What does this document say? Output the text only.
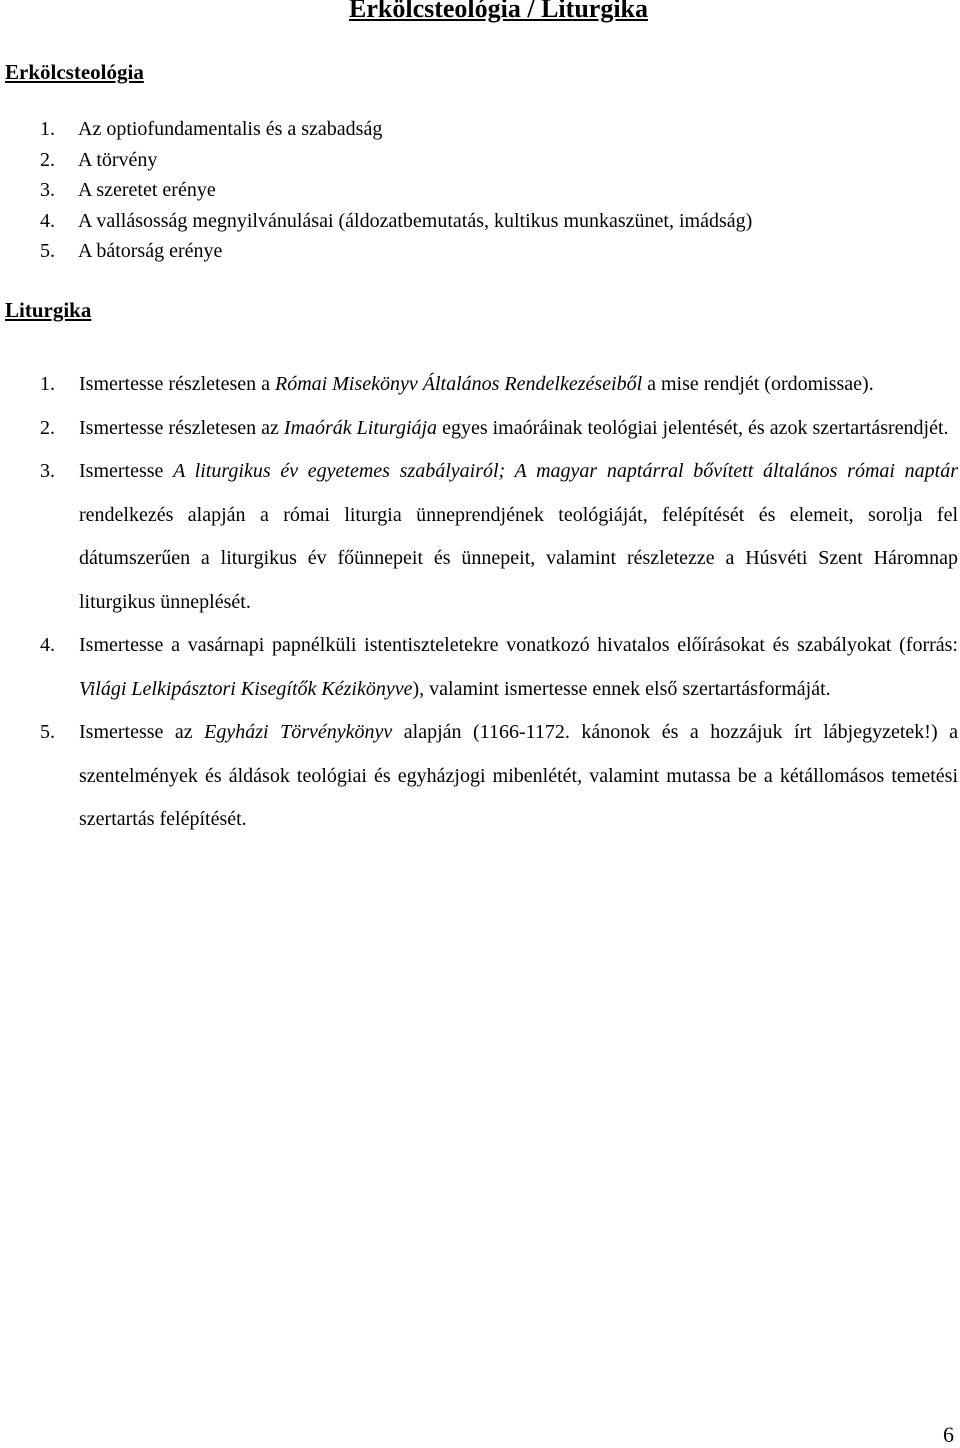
Erkölcsteológia / Liturgika
Erkölcsteológia
1. Az optiofundamentalis és a szabadság
2. A törvény
3. A szeretet erénye
4. A vallásosság megnyilvánulásai (áldozatbemutatás, kultikus munkaszünet, imádság)
5. A bátorság erénye
Liturgika
1. Ismertesse részletesen a Római Misekönyv Általános Rendelkezéseiből a mise rendjét (ordomissae).
2. Ismertesse részletesen az Imaórák Liturgiája egyes imaóráinak teológiai jelentését, és azok szertartásrendjét.
3. Ismertesse A liturgikus év egyetemes szabályairól; A magyar naptárral bővített általános római naptár rendelkezés alapján a római liturgia ünneprendjének teológiáját, felépítését és elemeit, sorolja fel dátumszerűen a liturgikus év főünnepeit és ünnepeit, valamint részletezze a Húsvéti Szent Háromnap liturgikus ünneplését.
4. Ismertesse a vasárnapi papnélküli istentiszteletekre vonatkozó hivatalos előírásokat és szabályokat (forrás: Világi Lelkipásztori Kisegítők Kézikönyve), valamint ismertesse ennek első szertartásformáját.
5. Ismertesse az Egyházi Törvénykönyv alapján (1166-1172. kánonok és a hozzájuk írt lábjegyzetek!) a szentelmények és áldások teológiai és egyházjogi mibenlétét, valamint mutassa be a kétállomásos temetési szertartás felépítését.

6
